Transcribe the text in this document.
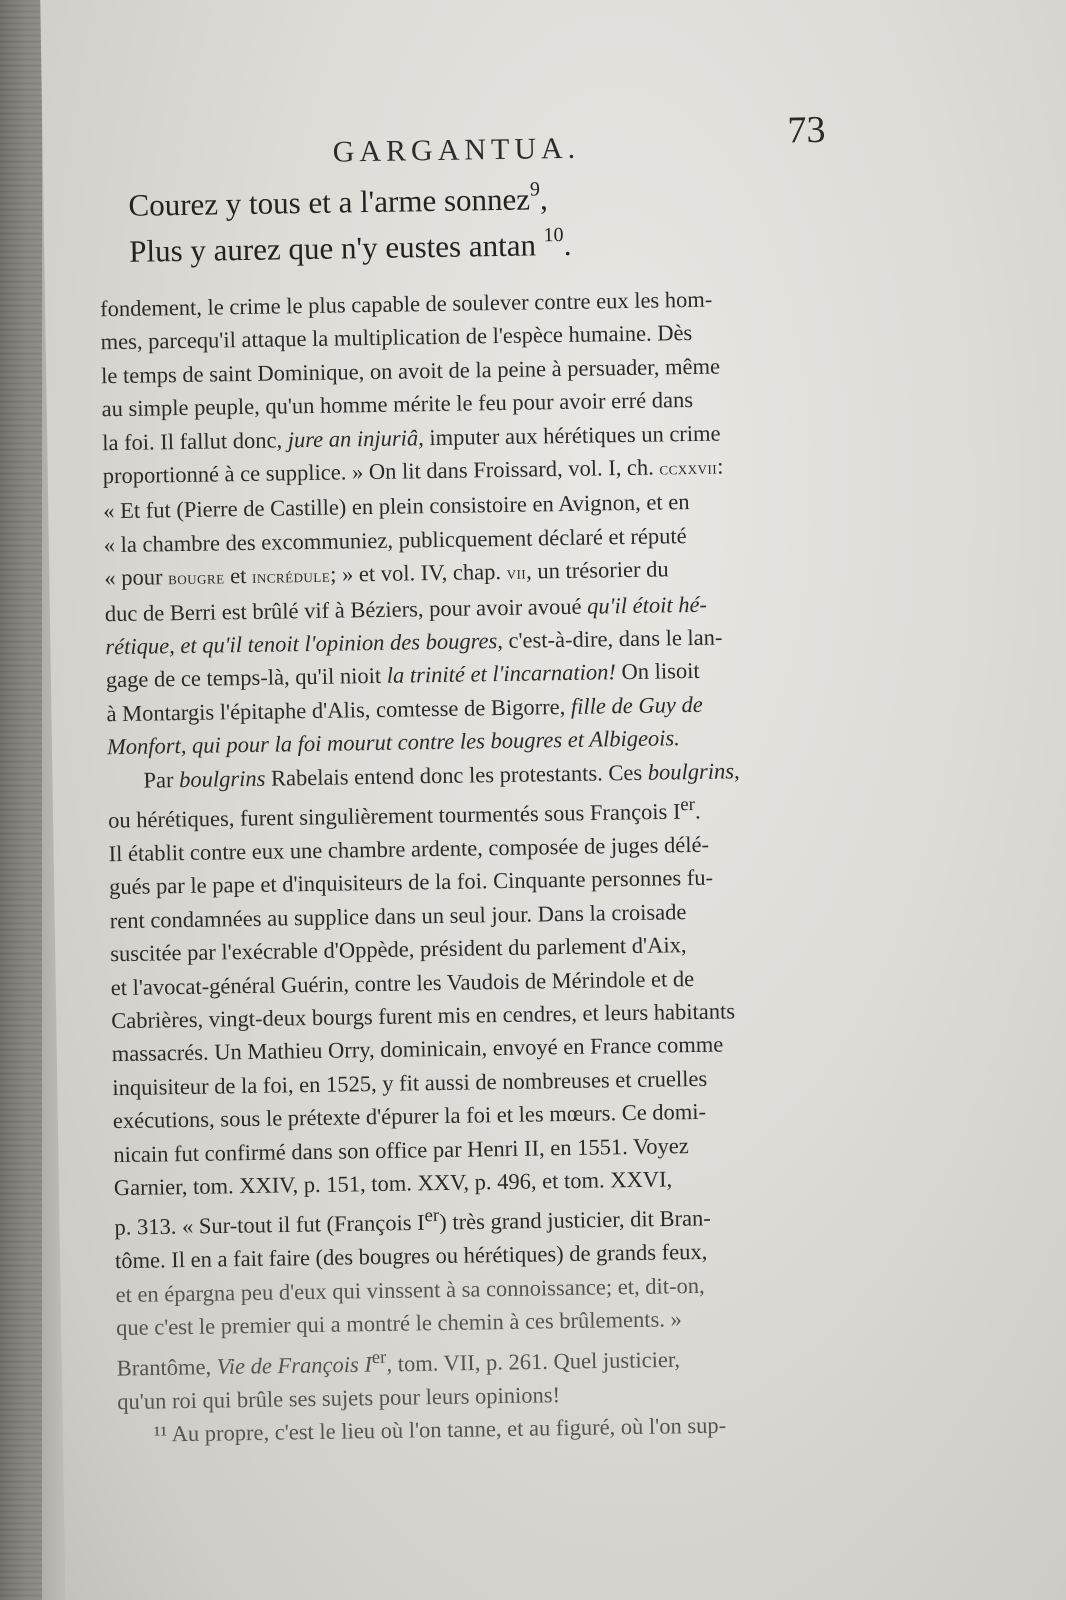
GARGANTUA.	73
Courez y tous et a l'arme sonnez$^9$,
Plus y aurez que n'y eustes antan $^{10}$.
fondement, le crime le plus capable de soulever contre eux les hom-
mes, parcequ'il attaque la multiplication de l'espèce humaine. Dès
le temps de saint Dominique, on avoit de la peine à persuader, même
au simple peuple, qu'un homme mérite le feu pour avoir erré dans
la foi. Il fallut donc, jure an injuriâ, imputer aux hérétiques un crime
proportionné à ce supplice. » On lit dans Froissard, vol. I, ch. ccxxvii:
« Et fut (Pierre de Castille) en plein consistoire en Avignon, et en
« la chambre des excommuniez, publicquement déclaré et réputé
« pour bougre et incrédule; » et vol. IV, chap. vii, un trésorier du
duc de Berri est brûlé vif à Béziers, pour avoir avoué qu'il étoit hé-
rétique, et qu'il tenoit l'opinion des bougres, c'est-à-dire, dans le lan-
gage de ce temps-là, qu'il nioit la trinité et l'incarnation! On lisoit
à Montargis l'épitaphe d'Alis, comtesse de Bigorre, fille de Guy de
Monfort, qui pour la foi mourut contre les bougres et Albigeois.
Par boulgrins Rabelais entend donc les protestants. Ces boulgrins,
ou hérétiques, furent singulièrement tourmentés sous François Ier.
Il établit contre eux une chambre ardente, composée de juges délé-
gués par le pape et d'inquisiteurs de la foi. Cinquante personnes fu-
rent condamnées au supplice dans un seul jour. Dans la croisade
suscitée par l'exécrable d'Oppède, président du parlement d'Aix,
et l'avocat-général Guérin, contre les Vaudois de Mérindole et de
Cabrières, vingt-deux bourgs furent mis en cendres, et leurs habitants
massacrés. Un Mathieu Orry, dominicain, envoyé en France comme
inquisiteur de la foi, en 1525, y fit aussi de nombreuses et cruelles
exécutions, sous le prétexte d'épurer la foi et les mœurs. Ce domi-
nicain fut confirmé dans son office par Henri II, en 1551. Voyez
Garnier, tom. XXIV, p. 151, tom. XXV, p. 496, et tom. XXVI,
p. 313. « Sur-tout il fut (François Ier) très grand justicier, dit Bran-
tôme. Il en a fait faire (des bougres ou hérétiques) de grands feux,
et en épargna peu d'eux qui vinssent à sa connoissance; et, dit-on,
que c'est le premier qui a montré le chemin à ces brûlements. »
Brantôme, Vie de François Ier, tom. VII, p. 261. Quel justicier,
qu'un roi qui brûle ses sujets pour leurs opinions!
¹¹ Au propre, c'est le lieu où l'on tanne, et au figuré, où l'on sup-
